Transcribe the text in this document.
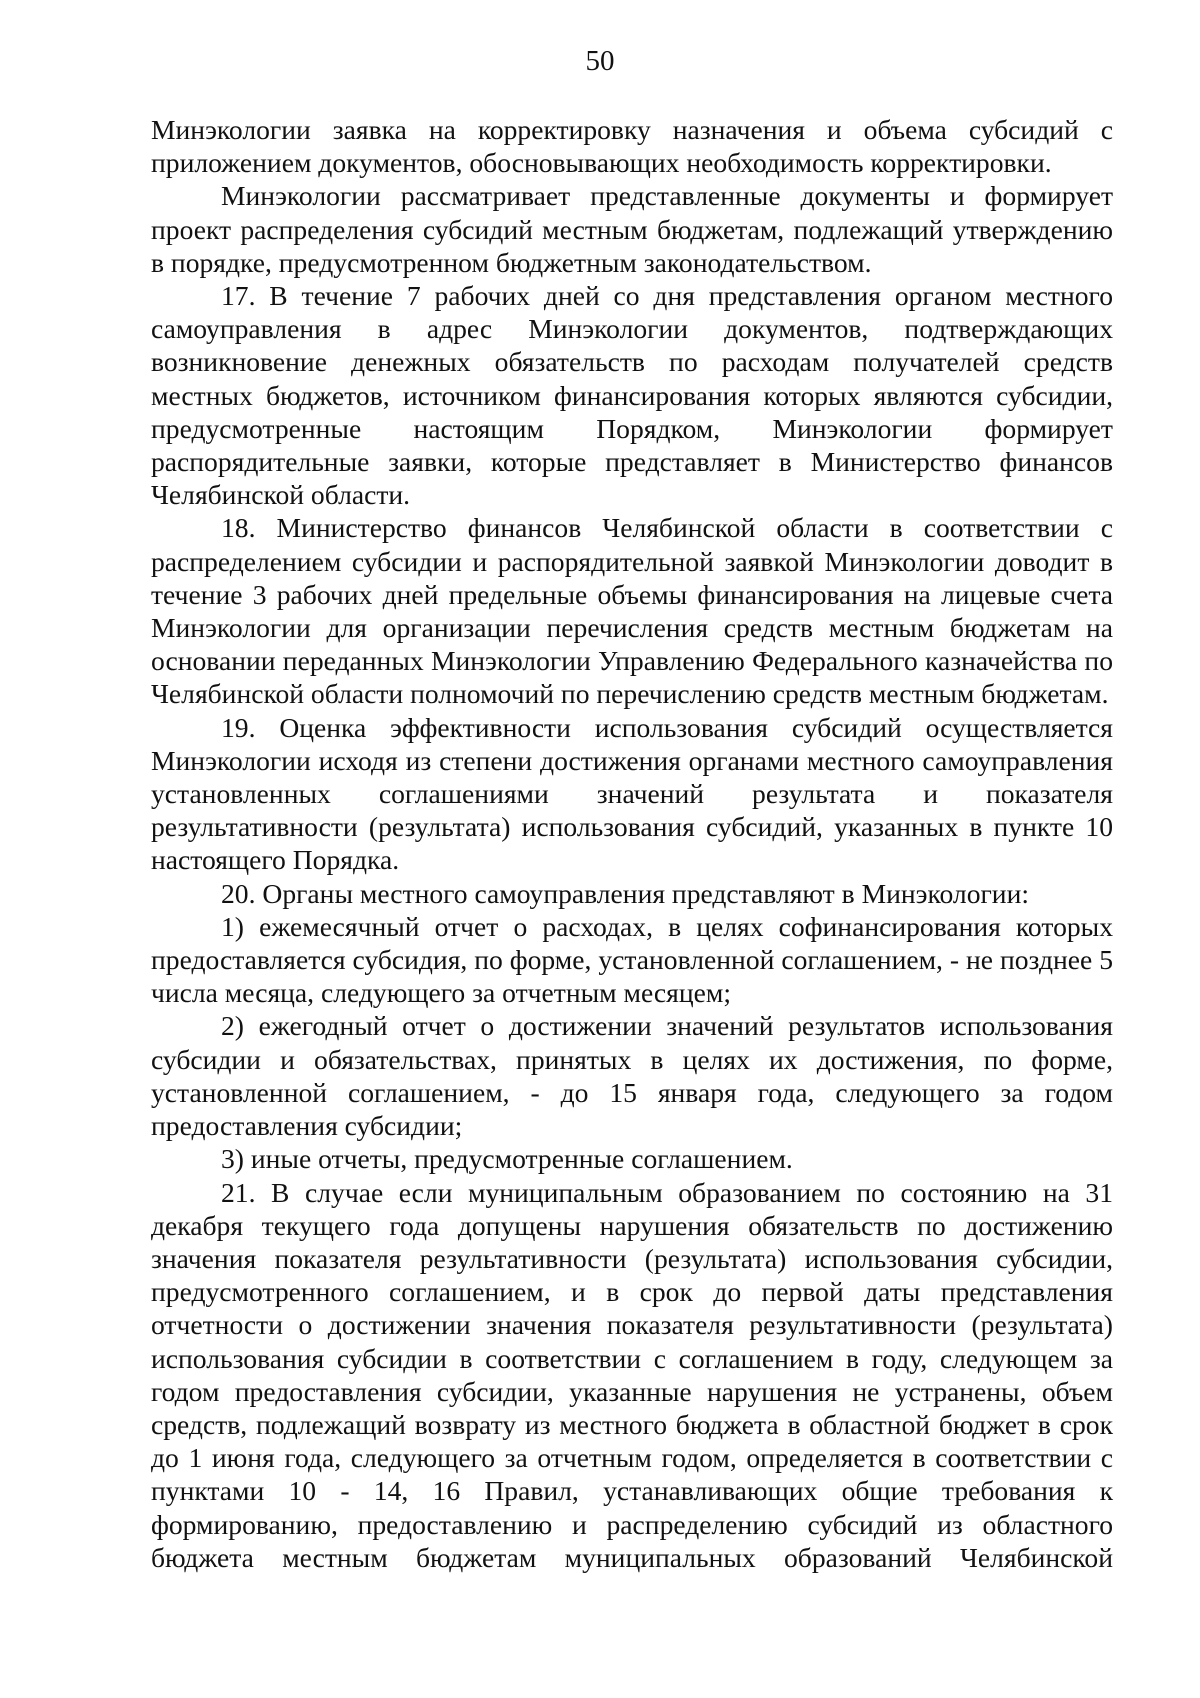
50

Минэкологии заявка на корректировку назначения и объема субсидий с приложением документов, обосновывающих необходимость корректировки.

Минэкологии рассматривает представленные документы и формирует проект распределения субсидий местным бюджетам, подлежащий утверждению в порядке, предусмотренном бюджетным законодательством.

17. В течение 7 рабочих дней со дня представления органом местного самоуправления в адрес Минэкологии документов, подтверждающих возникновение денежных обязательств по расходам получателей средств местных бюджетов, источником финансирования которых являются субсидии, предусмотренные настоящим Порядком, Минэкологии формирует распорядительные заявки, которые представляет в Министерство финансов Челябинской области.

18. Министерство финансов Челябинской области в соответствии с распределением субсидии и распорядительной заявкой Минэкологии доводит в течение 3 рабочих дней предельные объемы финансирования на лицевые счета Минэкологии для организации перечисления средств местным бюджетам на основании переданных Минэкологии Управлению Федерального казначейства по Челябинской области полномочий по перечислению средств местным бюджетам.

19. Оценка эффективности использования субсидий осуществляется Минэкологии исходя из степени достижения органами местного самоуправления установленных соглашениями значений результата и показателя результативности (результата) использования субсидий, указанных в пункте 10 настоящего Порядка.

20. Органы местного самоуправления представляют в Минэкологии:

1) ежемесячный отчет о расходах, в целях софинансирования которых предоставляется субсидия, по форме, установленной соглашением, - не позднее 5 числа месяца, следующего за отчетным месяцем;

2) ежегодный отчет о достижении значений результатов использования субсидии и обязательствах, принятых в целях их достижения, по форме, установленной соглашением, - до 15 января года, следующего за годом предоставления субсидии;

3) иные отчеты, предусмотренные соглашением.

21. В случае если муниципальным образованием по состоянию на 31 декабря текущего года допущены нарушения обязательств по достижению значения показателя результативности (результата) использования субсидии, предусмотренного соглашением, и в срок до первой даты представления отчетности о достижении значения показателя результативности (результата) использования субсидии в соответствии с соглашением в году, следующем за годом предоставления субсидии, указанные нарушения не устранены, объем средств, подлежащий возврату из местного бюджета в областной бюджет в срок до 1 июня года, следующего за отчетным годом, определяется в соответствии с пунктами 10 - 14, 16 Правил, устанавливающих общие требования к формированию, предоставлению и распределению субсидий из областного бюджета местным бюджетам муниципальных образований Челябинской
